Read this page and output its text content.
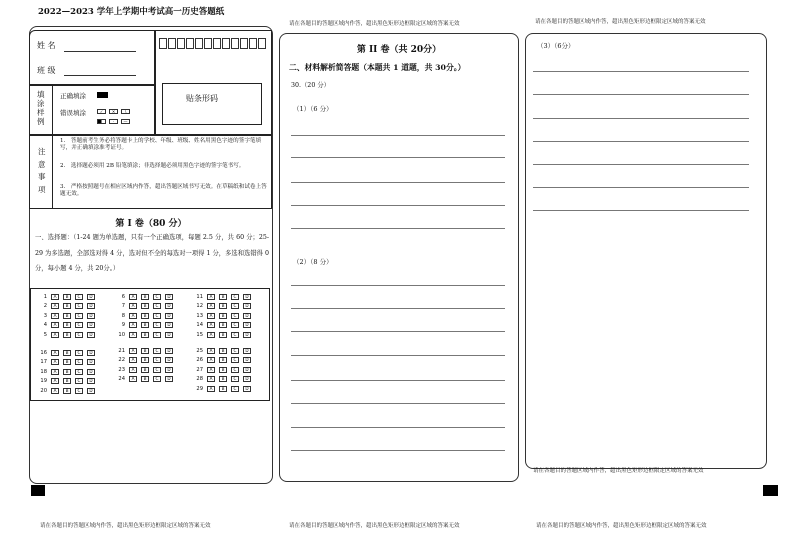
2022—2023 学年上学期中考试高一历史答题纸
请在各题目的答题区域内作答，超出黑色矩形边框限定区域的答案无效	请在各题目的答题区域内作答，超出黑色矩形边框限定区域的答案无效
姓 名
班 级
贴条形码
填涂样例
正确填涂
错误填涂	✓	✕	∖
·	—
注意事项
1.　答题前考生务必将答题卡上的学校、年级、班级、姓名用黑色字迹的签字笔填写，并正确填涂准考证号。
2.　选择题必须用 2B 铅笔填涂；非选择题必须用黑色字迹的签字笔书写。
3.　严格按照题号在相应区域内作答，超出答题区域书写无效。在草稿纸和试卷上答题无效。
第 I 卷（80 分）
一、选择题：（1-24 题为单选题，只有一个正确选项，每题 2.5 分，共 60 分；25-29 为多选题，全部选对得 4 分，选对但不全的每选对一项得 1 分，多选和选错得 0 分，每小题 4 分，共 20分。）
1	A	B	C	D
2	A	B	C	D
3	A	B	C	D
4	A	B	C	D
5	A	B	C	D
6	A	B	C	D
7	A	B	C	D
8	A	B	C	D
9	A	B	C	D
10	A	B	C	D
11	A	B	C	D
12	A	B	C	D
13	A	B	C	D
14	A	B	C	D
15	A	B	C	D
16	A	B	C	D
17	A	B	C	D
18	A	B	C	D
19	A	B	C	D
20	A	B	C	D
21	A	B	C	D
22	A	B	C	D
23	A	B	C	D
24	A	B	C	D
25	A	B	C	D
26	A	B	C	D
27	A	B	C	D
28	A	B	C	D
29	A	B	C	D
第 II 卷（共 20分）
二、材料解析简答题（本题共 1 道题，共 30分。）
30.（20 分）
（1）（6 分）
（2）（8 分）
（3）（6分）
请在各题目的答题区域内作答，超出黑色矩形边框限定区域的答案无效
请在各题目的答题区域内作答，超出黑色矩形边框限定区域的答案无效	请在各题目的答题区域内作答，超出黑色矩形边框限定区域的答案无效	请在各题目的答题区域内作答，超出黑色矩形边框限定区域的答案无效
